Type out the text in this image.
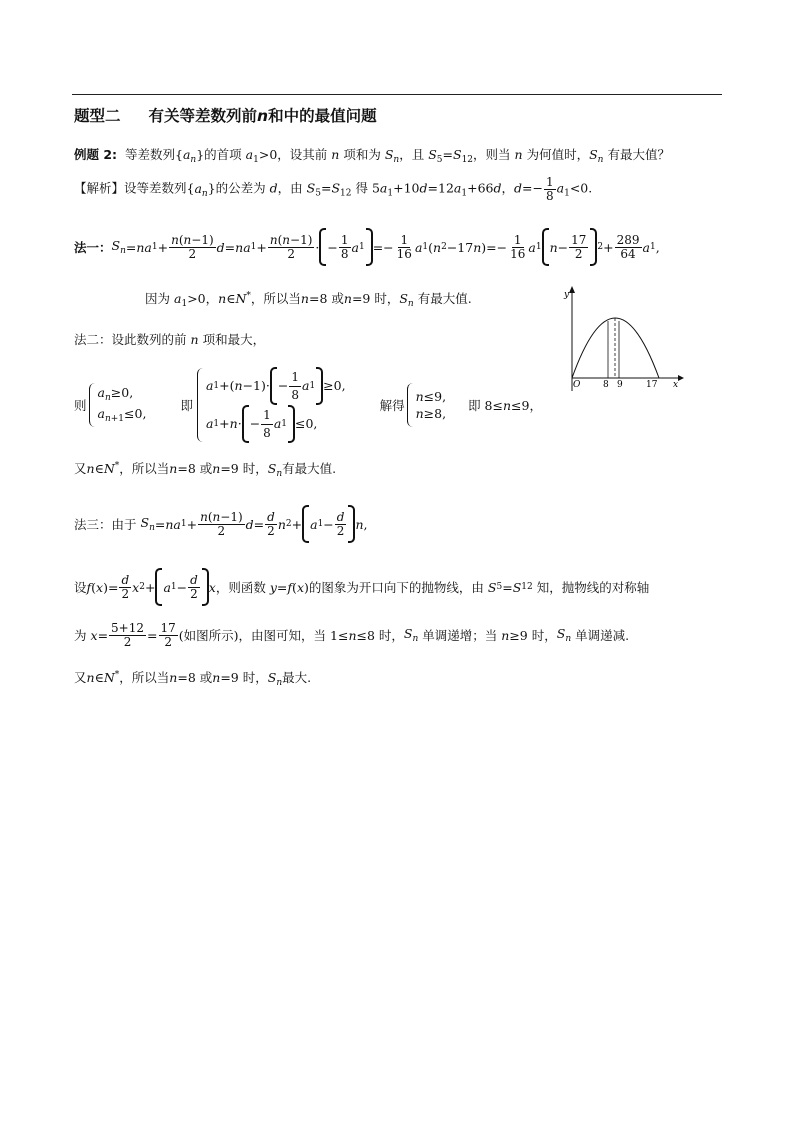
题型二 有关等差数列前n和中的最值问题
例题 2: 等差数列$\{a_n\}$的首项 $a_1>0$，设其前 n 项和为 $S_n$，且 $S_5=S_{12}$，则当 n 为何值时，$S_n$ 有最大值？
【解析】设等差数列$\{a_n\}$的公差为 d，由 $S_5=S_{12}$ 得 $5a_1+10d=12a_1+66d$，$d=- \frac{1}{8} a_1<0$.
法一： $S_n$ = na $1 + \frac{n(n-1)}{2}$ d = na $1 + \frac{n(n-1)}{2}$ · − $\frac{1}{8}$ a $1 =- \frac{1}{16}$ a 1 ( n 2 −17 n )=− $\frac{1}{16}$ a 1 $n - \frac{17}{2} 2 + \frac{289}{64}$ a 1 ,
因为 $a_1>0$，n∈N*，所以当n=8 或n=9 时，$S_n$ 有最大值.	y
x
O	8 9	17
法二：设此数列的前 n 项和最大，
则
$a_n\ge 0$,
$a_{n+1}\le 0$,
即
a 1 +( $n -1)\cdot - \frac{1}{8}$ a 1 ≥0,
a 1 + n · − $\frac{1}{8}$ a 1 ≤0,
解得
n≤9,
n≥8,
即 8≤ n ≤9，
又n∈N*，所以当n=8 或n=9 时，$S_n$有最大值.
法三： 由于
$S_n$ = na $1 + \frac{n(n-1)}{2}$ $d = \frac{d}{2}$ n 2 + a $1 - \frac{d}{2}$ n ,
设 f ( x )= $\frac{d}{2}$ x 2 + a $1 - \frac{d}{2}$ x ，则函数
y = f ( x ) 的图象为开口向下的抛物线，由
S 5 = S 12
知，抛物线的对称轴
为
$x = \frac{5+12}{2} = \frac{17}{2}$ (如图所示)，由图可知，当 1≤ n ≤8 时， $S_n$
单调递增；当
n ≥9 时， $S_n$
单调递减.
又n∈N*，所以当n=8 或n=9 时，$S_n$最大.
